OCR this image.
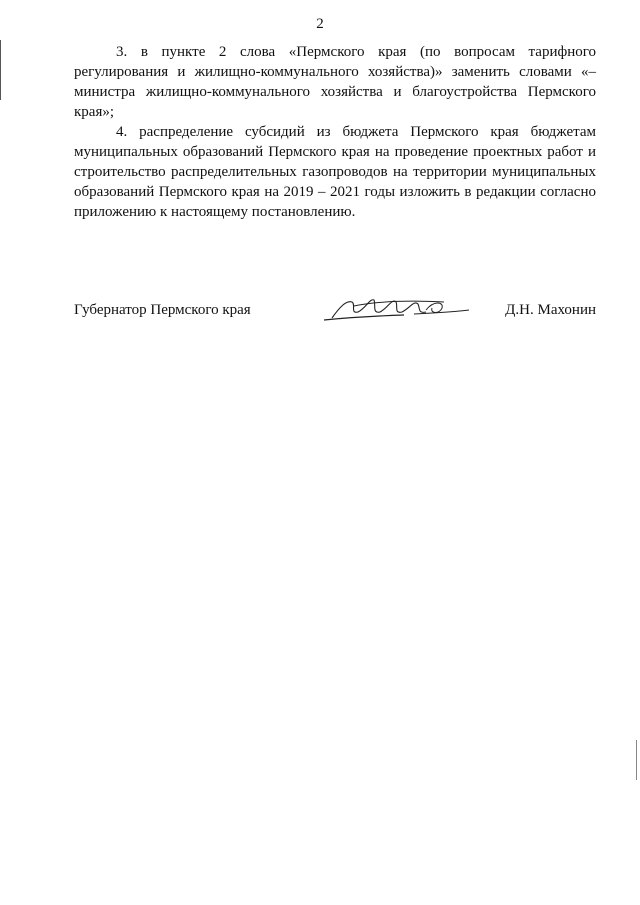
2

3. в пункте 2 слова «Пермского края (по вопросам тарифного регулирования и жилищно-коммунального хозяйства)» заменить словами «– министра жилищно-коммунального хозяйства и благоустройства Пермского края»;

4. распределение субсидий из бюджета Пермского края бюджетам муниципальных образований Пермского края на проведение проектных работ и строительство распределительных газопроводов на территории муниципальных образований Пермского края на 2019 – 2021 годы изложить в редакции согласно приложению к настоящему постановлению.

Губернатор Пермского края	Д.Н. Махонин
